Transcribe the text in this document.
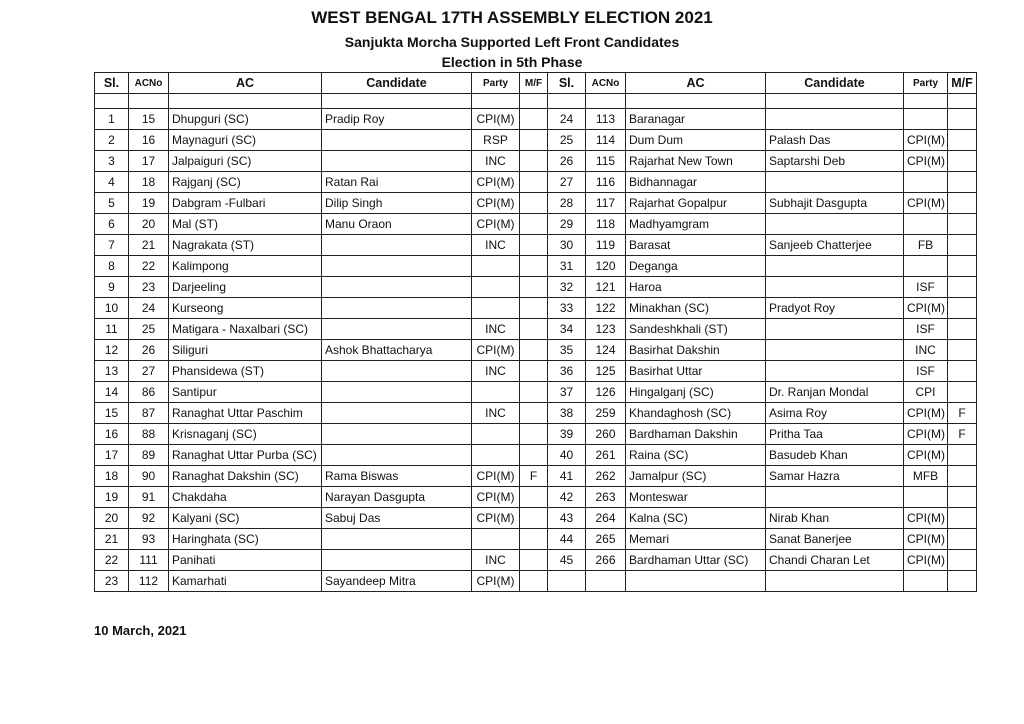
WEST BENGAL 17TH ASSEMBLY ELECTION 2021
Sanjukta Morcha Supported Left Front Candidates
Election in 5th Phase
Sl.	ACNo	AC	Candidate	Party	M/F	Sl.	ACNo	AC	Candidate	Party	M/F

1	15	Dhupguri (SC)	Pradip Roy	CPI(M)		24	113	Baranagar			
2	16	Maynaguri (SC)		RSP		25	114	Dum Dum	Palash Das	CPI(M)	
3	17	Jalpaiguri (SC)		INC		26	115	Rajarhat New Town	Saptarshi Deb	CPI(M)	
4	18	Rajganj (SC)	Ratan Rai	CPI(M)		27	116	Bidhannagar			
5	19	Dabgram -Fulbari	Dilip Singh	CPI(M)		28	117	Rajarhat Gopalpur	Subhajit Dasgupta	CPI(M)	
6	20	Mal (ST)	Manu Oraon	CPI(M)		29	118	Madhyamgram			
7	21	Nagrakata (ST)		INC		30	119	Barasat	Sanjeeb Chatterjee	FB	
8	22	Kalimpong				31	120	Deganga			
9	23	Darjeeling				32	121	Haroa		ISF	
10	24	Kurseong				33	122	Minakhan (SC)	Pradyot Roy	CPI(M)	
11	25	Matigara - Naxalbari (SC)		INC		34	123	Sandeshkhali (ST)		ISF	
12	26	Siliguri	Ashok Bhattacharya	CPI(M)		35	124	Basirhat Dakshin		INC	
13	27	Phansidewa (ST)		INC		36	125	Basirhat Uttar		ISF	
14	86	Santipur				37	126	Hingalganj (SC)	Dr. Ranjan Mondal	CPI	
15	87	Ranaghat Uttar Paschim		INC		38	259	Khandaghosh (SC)	Asima Roy	CPI(M)	F
16	88	Krisnaganj (SC)				39	260	Bardhaman Dakshin	Pritha Taa	CPI(M)	F
17	89	Ranaghat Uttar Purba (SC)				40	261	Raina (SC)	Basudeb Khan	CPI(M)	
18	90	Ranaghat Dakshin (SC)	Rama Biswas	CPI(M)	F	41	262	Jamalpur (SC)	Samar Hazra	MFB	
19	91	Chakdaha	Narayan Dasgupta	CPI(M)		42	263	Monteswar			
20	92	Kalyani (SC)	Sabuj Das	CPI(M)		43	264	Kalna (SC)	Nirab Khan	CPI(M)	
21	93	Haringhata (SC)				44	265	Memari	Sanat Banerjee	CPI(M)	
22	111	Panihati		INC		45	266	Bardhaman Uttar (SC)	Chandi Charan Let	CPI(M)	
23	112	Kamarhati	Sayandeep Mitra	CPI(M)							
10 March, 2021
